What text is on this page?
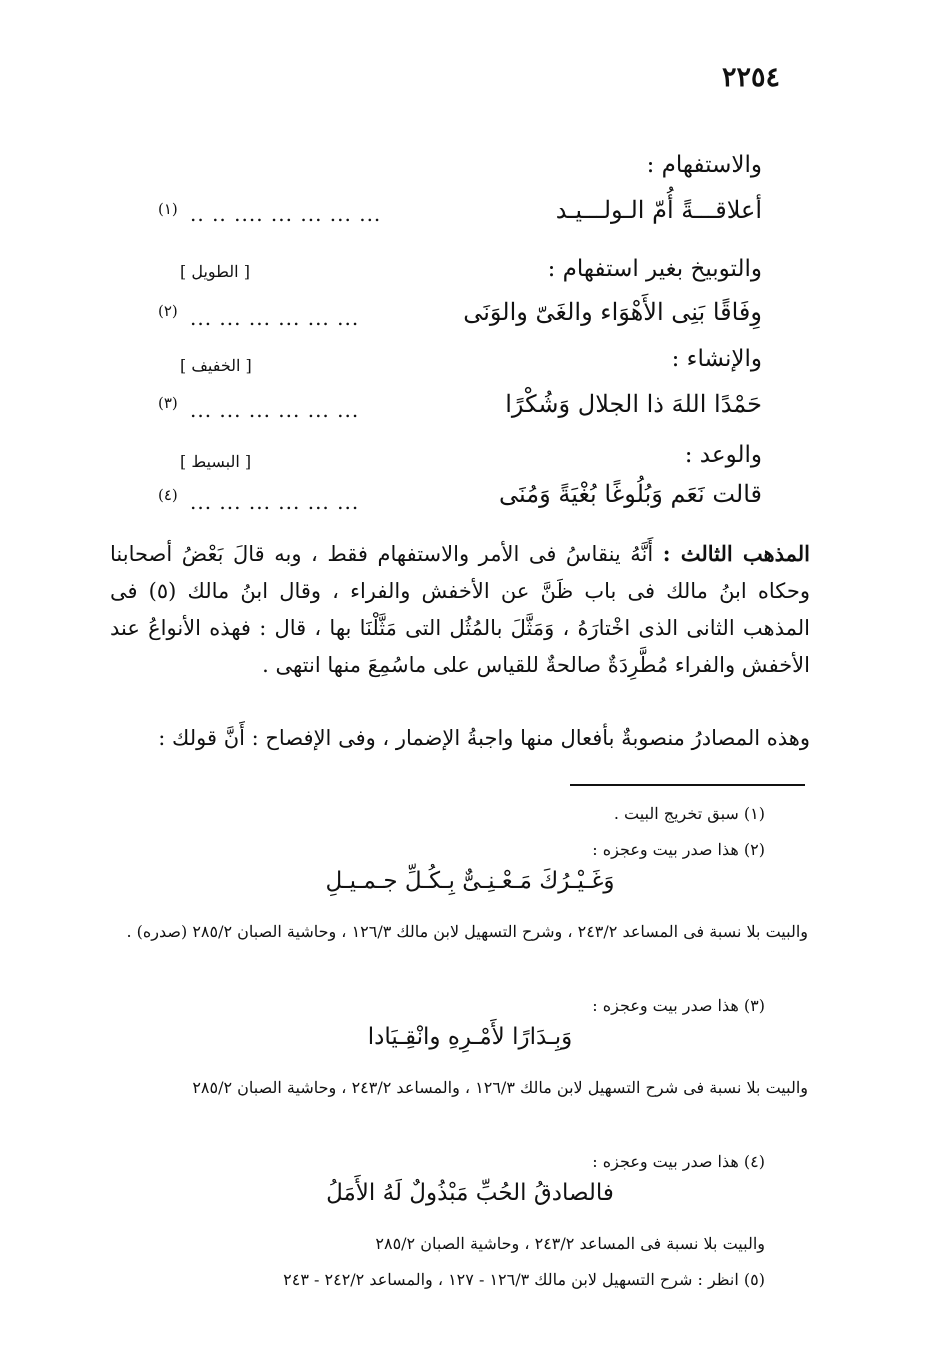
٢٢٥٤
والاستفهام :
أعلاقـــةً أُمّ الـولـــيـد
.. .. .... ... ... ... ...
(١)
والتوبيخ بغير استفهام :
[ الطويل ]
وِفَاقًا بَنِى الأَهْوَاء والغَىّ والوَنَى
... ... ... ... ... ...
(٢)
والإنشاء :
[ الخفيف ]
حَمْدًا اللهَ ذا الجلال وَشُكْرًا
... ... ... ... ... ...
(٣)
والوعد :
[ البسيط ]
قالت نَعَم وَبُلُوغًا بُغْيَةً وَمُنَى
... ... ... ... ... ...
(٤)
المذهب الثالث : أَنَّهُ ينقاسُ فى الأمر والاستفهام فقط ، وبه قالَ بَعْضُ أصحابنا وحكاه ابنُ مالك فى باب ظَنَّ عن الأخفش والفراء ، وقال ابنُ مالك (٥) فى المذهب الثانى الذى اخْتارَهُ ، وَمَثَّلَ بالمُثُل التى مَثَّلْنَا بها ، قال : فهذه الأنواعُ عند الأخفش والفراء مُطَّرِدَةٌ صالحةٌ للقياس على ماسُمِعَ منها انتهى .
وهذه المصادرُ منصوبةٌ بأفعال منها واجبةُ الإضمار ، وفى الإفصاح : أَنَّ قولك :
(١) سبق تخريج البيت .
(٢) هذا صدر بيت وعجزه :
وَغَـيْـرُكَ مَـعْـنِـىٌّ بِـكُـلِّ جـمـيـلِ
والبيت بلا نسبة فى المساعد ٢٤٣/٢ ، وشرح التسهيل لابن مالك ١٢٦/٣ ، وحاشية الصبان ٢٨٥/٢ (صدره) .
(٣) هذا صدر بيت وعجزه :
وَبِـدَارًا لأَمْـرِهِ وانْقِـيَادا
والبيت بلا نسبة فى شرح التسهيل لابن مالك ١٢٦/٣ ، والمساعد ٢٤٣/٢ ، وحاشية الصبان ٢٨٥/٢
(٤) هذا صدر بيت وعجزه :
فالصادقُ الحُبِّ مَبْذُولٌ لَهُ الأَمَلُ
والبيت بلا نسبة فى المساعد ٢٤٣/٢ ، وحاشية الصبان ٢٨٥/٢
(٥) انظر : شرح التسهيل لابن مالك ١٢٦/٣ - ١٢٧ ، والمساعد ٢٤٢/٢ - ٢٤٣
